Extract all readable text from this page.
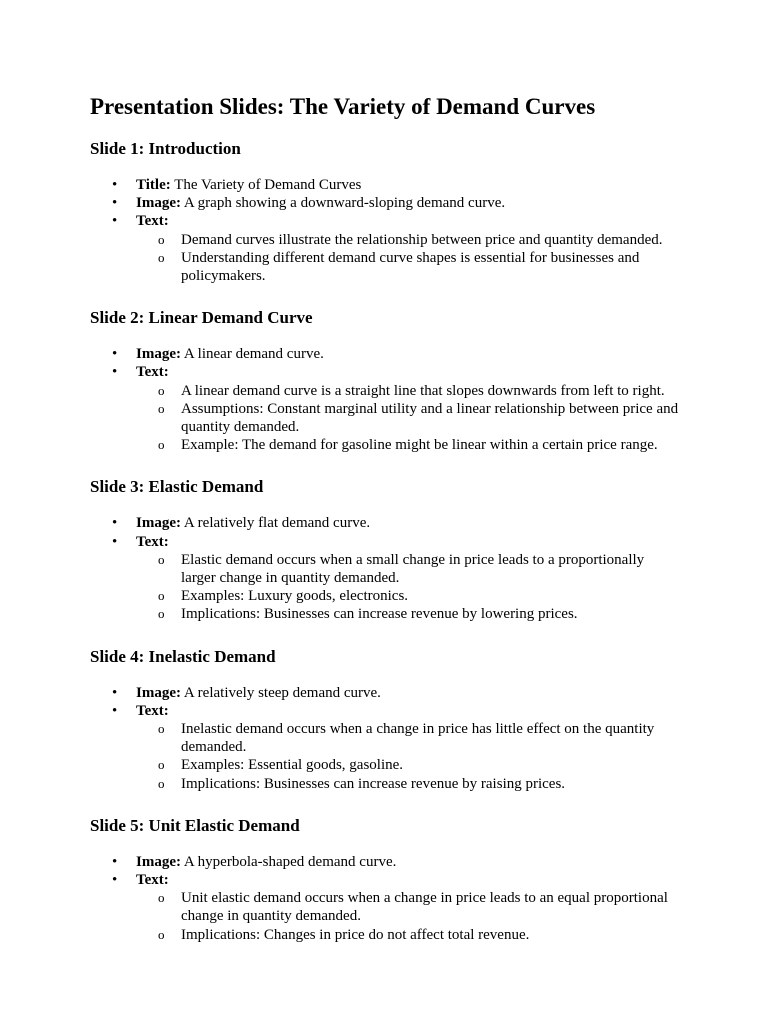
Presentation Slides: The Variety of Demand Curves
Slide 1: Introduction
• Title: The Variety of Demand Curves
• Image: A graph showing a downward-sloping demand curve.
• Text:
o Demand curves illustrate the relationship between price and quantity demanded.
o Understanding different demand curve shapes is essential for businesses and policymakers.
Slide 2: Linear Demand Curve
• Image: A linear demand curve.
• Text:
o A linear demand curve is a straight line that slopes downwards from left to right.
o Assumptions: Constant marginal utility and a linear relationship between price and quantity demanded.
o Example: The demand for gasoline might be linear within a certain price range.
Slide 3: Elastic Demand
• Image: A relatively flat demand curve.
• Text:
o Elastic demand occurs when a small change in price leads to a proportionally larger change in quantity demanded.
o Examples: Luxury goods, electronics.
o Implications: Businesses can increase revenue by lowering prices.
Slide 4: Inelastic Demand
• Image: A relatively steep demand curve.
• Text:
o Inelastic demand occurs when a change in price has little effect on the quantity demanded.
o Examples: Essential goods, gasoline.
o Implications: Businesses can increase revenue by raising prices.
Slide 5: Unit Elastic Demand
• Image: A hyperbola-shaped demand curve.
• Text:
o Unit elastic demand occurs when a change in price leads to an equal proportional change in quantity demanded.
o Implications: Changes in price do not affect total revenue.
